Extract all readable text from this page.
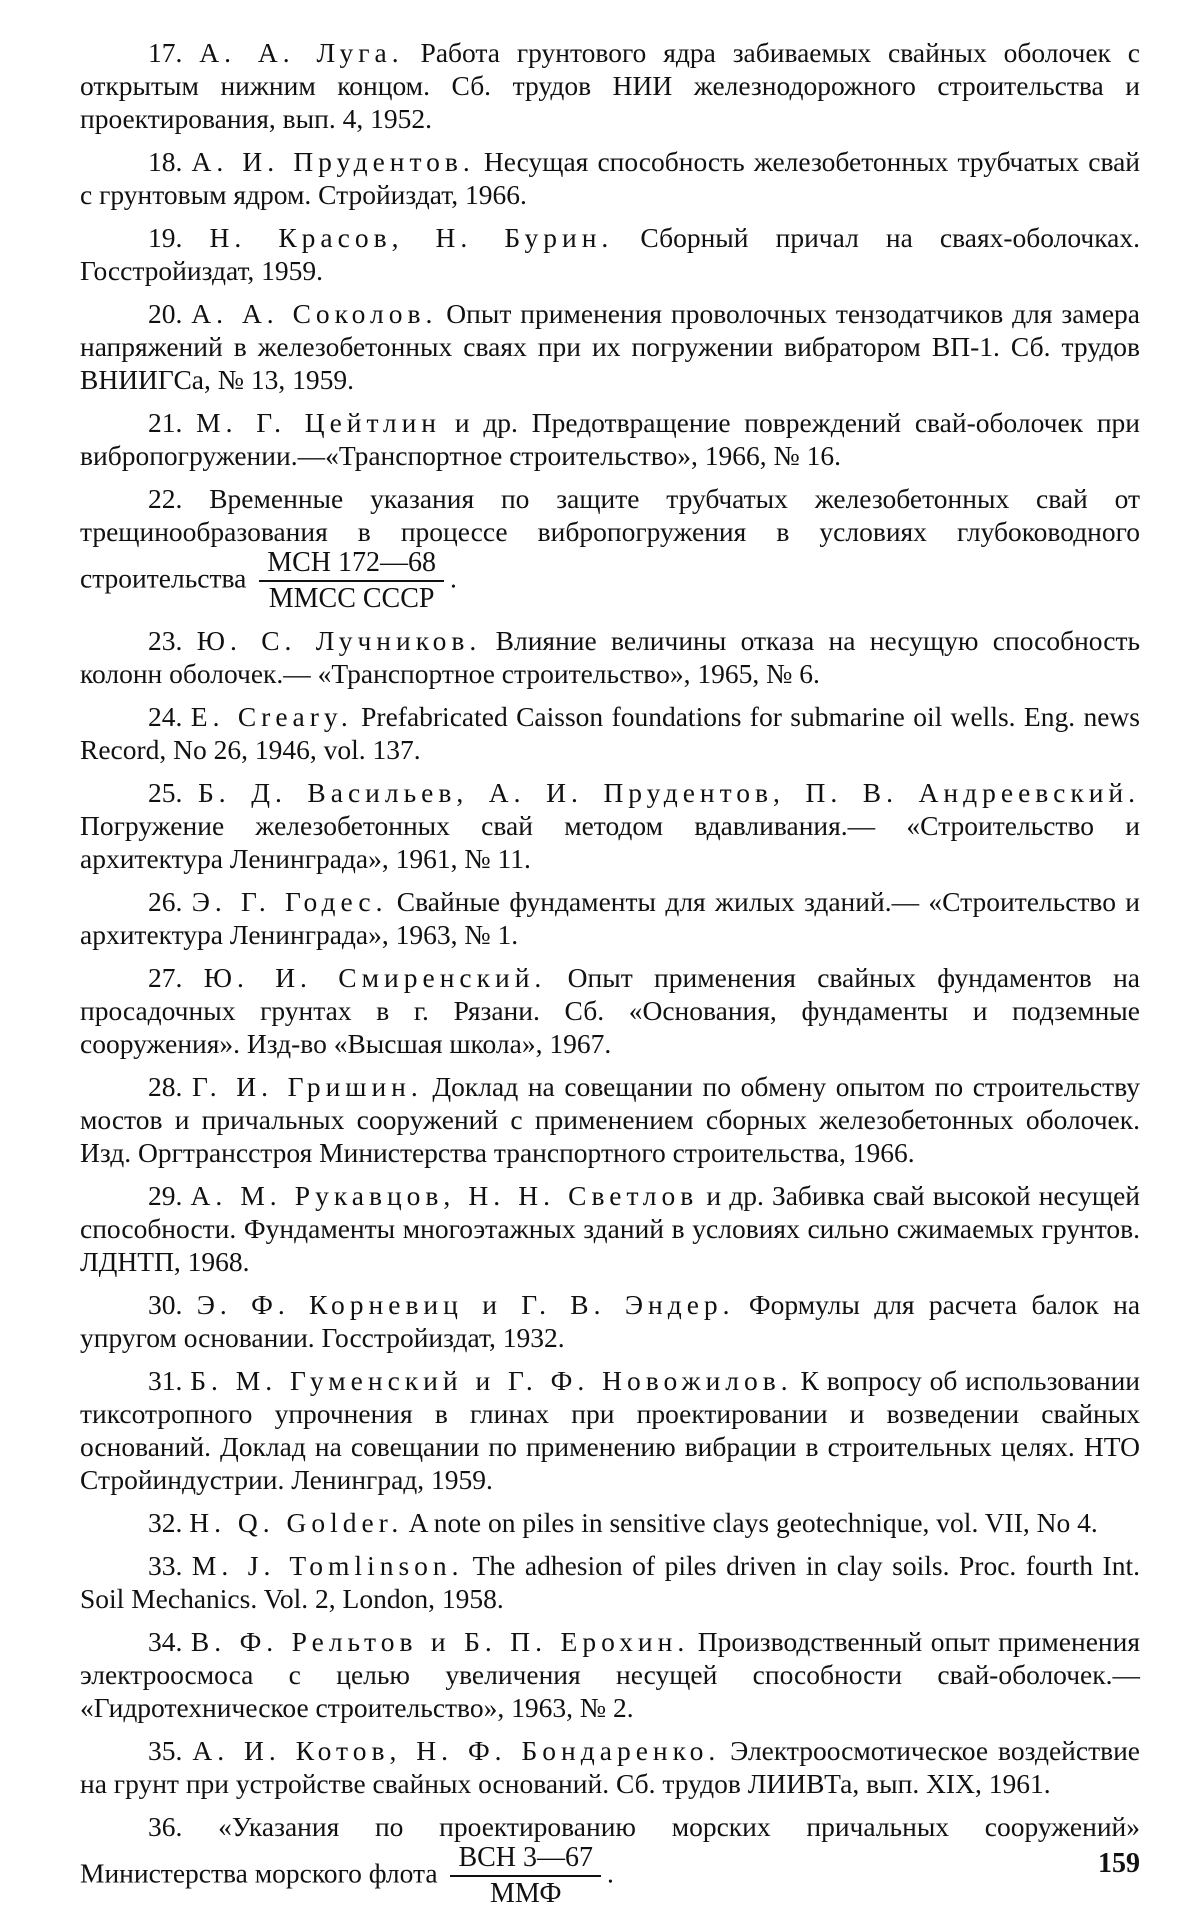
17. А. А. Луга. Работа грунтового ядра забиваемых свайных оболочек с открытым нижним концом. Сб. трудов НИИ железнодорожного строительства и проектирования, вып. 4, 1952.

18. А. И. Прудентов. Несущая способность железобетонных трубчатых свай с грунтовым ядром. Стройиздат, 1966.

19. Н. Красов, Н. Бурин. Сборный причал на сваях-оболочках. Госстройиздат, 1959.

20. А. А. Соколов. Опыт применения проволочных тензодатчиков для замера напряжений в железобетонных сваях при их погружении вибратором ВП-1. Сб. трудов ВНИИГСа, № 13, 1959.

21. М. Г. Цейтлин и др. Предотвращение повреждений свай-оболочек при вибропогружении.—«Транспортное строительство», 1966, № 16.

22. Временные указания по защите трубчатых железобетонных свай от трещинообразования в процессе вибропогружения в условиях глубоководного строительства $\frac{\text{МСН 172—68}}{\text{ММСС СССР}}$ .

23. Ю. С. Лучников. Влияние величины отказа на несущую способность колонн оболочек.— «Транспортное строительство», 1965, № 6.

24. E. Creary. Prefabricated Caisson foundations for submarine oil wells. Eng. news Record, No 26, 1946, vol. 137.

25. Б. Д. Васильев, А. И. Прудентов, П. В. Андреевский. Погружение железобетонных свай методом вдавливания.— «Строительство и архитектура Ленинграда», 1961, № 11.

26. Э. Г. Годес. Свайные фундаменты для жилых зданий.— «Строительство и архитектура Ленинграда», 1963, № 1.

27. Ю. И. Смиренский. Опыт применения свайных фундаментов на просадочных грунтах в г. Рязани. Сб. «Основания, фундаменты и подземные сооружения». Изд-во «Высшая школа», 1967.

28. Г. И. Гришин. Доклад на совещании по обмену опытом по строительству мостов и причальных сооружений с применением сборных железобетонных оболочек. Изд. Оргтрансстроя Министерства транспортного строительства, 1966.

29. А. М. Рукавцов, Н. Н. Светлов и др. Забивка свай высокой несущей способности. Фундаменты многоэтажных зданий в условиях сильно сжимаемых грунтов. ЛДНТП, 1968.

30. Э. Ф. Корневиц и Г. В. Эндер. Формулы для расчета балок на упругом основании. Госстройиздат, 1932.

31. Б. М. Гуменский и Г. Ф. Новожилов. К вопросу об использовании тиксотропного упрочнения в глинах при проектировании и возведении свайных оснований. Доклад на совещании по применению вибрации в строительных целях. НТО Стройиндустрии. Ленинград, 1959.

32. H. Q. Golder. A note on piles in sensitive clays geotechnique, vol. VII, No 4.

33. M. J. Tomlinson. The adhesion of piles driven in clay soils. Proc. fourth Int. Soil Mechanics. Vol. 2, London, 1958.

34. В. Ф. Рельтов и Б. П. Ерохин. Производственный опыт применения электроосмоса с целью увеличения несущей способности свай-оболочек.— «Гидротехническое строительство», 1963, № 2.

35. А. И. Котов, Н. Ф. Бондаренко. Электроосмотическое воздействие на грунт при устройстве свайных оснований. Сб. трудов ЛИИВТа, вып. XIX, 1961.

36. «Указания по проектированию морских причальных сооружений» Министерства морского флота $\frac{\text{ВСН 3—67}}{\text{ММФ}}$ .	159
